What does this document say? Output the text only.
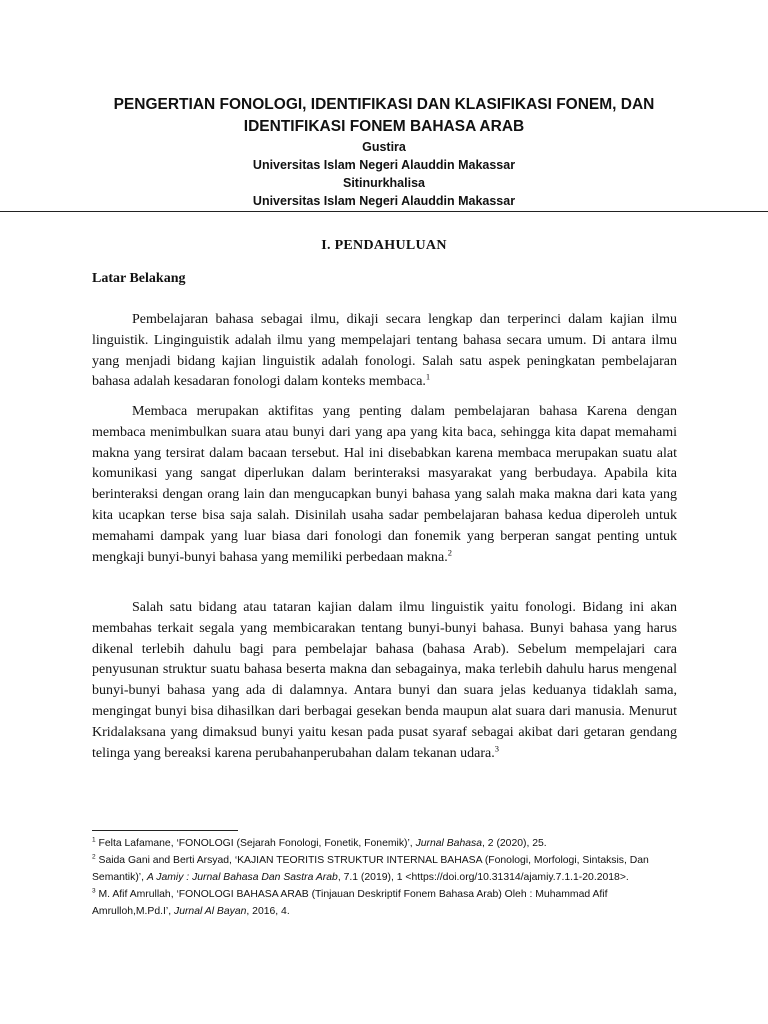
PENGERTIAN FONOLOGI, IDENTIFIKASI DAN KLASIFIKASI FONEM, DAN
IDENTIFIKASI FONEM BAHASA ARAB
Gustira
Universitas Islam Negeri Alauddin Makassar
Sitinurkhalisa
Universitas Islam Negeri Alauddin Makassar
I. PENDAHULUAN
Latar Belakang

Pembelajaran bahasa sebagai ilmu, dikaji secara lengkap dan terperinci dalam kajian ilmu linguistik. Linginguistik adalah ilmu yang mempelajari tentang bahasa secara umum. Di antara ilmu yang menjadi bidang kajian linguistik adalah fonologi. Salah satu aspek peningkatan pembelajaran bahasa adalah kesadaran fonologi dalam konteks membaca.$^1$

Membaca merupakan aktifitas yang penting dalam pembelajaran bahasa Karena dengan membaca menimbulkan suara atau bunyi dari yang apa yang kita baca, sehingga kita dapat memahami makna yang tersirat dalam bacaan tersebut. Hal ini disebabkan karena membaca merupakan suatu alat komunikasi yang sangat diperlukan dalam berinteraksi masyarakat yang berbudaya. Apabila kita berinteraksi dengan orang lain dan mengucapkan bunyi bahasa yang salah maka makna dari kata yang kita ucapkan terse bisa saja salah. Disinilah usaha sadar pembelajaran bahasa kedua diperoleh untuk memahami dampak yang luar biasa dari fonologi dan fonemik yang berperan sangat penting untuk mengkaji bunyi-bunyi bahasa yang memiliki perbedaan makna.$^2$

Salah satu bidang atau tataran kajian dalam ilmu linguistik yaitu fonologi. Bidang ini akan membahas terkait segala yang membicarakan tentang bunyi-bunyi bahasa. Bunyi bahasa yang harus dikenal terlebih dahulu bagi para pembelajar bahasa (bahasa Arab). Sebelum mempelajari cara penyusunan struktur suatu bahasa beserta makna dan sebagainya, maka terlebih dahulu harus mengenal bunyi-bunyi bahasa yang ada di dalamnya. Antara bunyi dan suara jelas keduanya tidaklah sama, mengingat bunyi bisa dihasilkan dari berbagai gesekan benda maupun alat suara dari manusia. Menurut Kridalaksana yang dimaksud bunyi yaitu kesan pada pusat syaraf sebagai akibat dari getaran gendang telinga yang bereaksi karena perubahanperubahan dalam tekanan udara.$^3$

$^1$ Felta Lafamane, ‘FONOLOGI (Sejarah Fonologi, Fonetik, Fonemik)’, Jurnal Bahasa, 2 (2020), 25.

$^2$ Saida Gani and Berti Arsyad, ‘KAJIAN TEORITIS STRUKTUR INTERNAL BAHASA (Fonologi, Morfologi, Sintaksis, Dan Semantik)’, A Jamiy : Jurnal Bahasa Dan Sastra Arab, 7.1 (2019), 1 <https://doi.org/10.31314/ajamiy.7.1.1-20.2018>.

$^3$ M. Afif Amrullah, ‘FONOLOGI BAHASA ARAB (Tinjauan Deskriptif Fonem Bahasa Arab) Oleh : Muhammad Afif Amrulloh,M.Pd.I’, Jurnal Al Bayan, 2016, 4.
